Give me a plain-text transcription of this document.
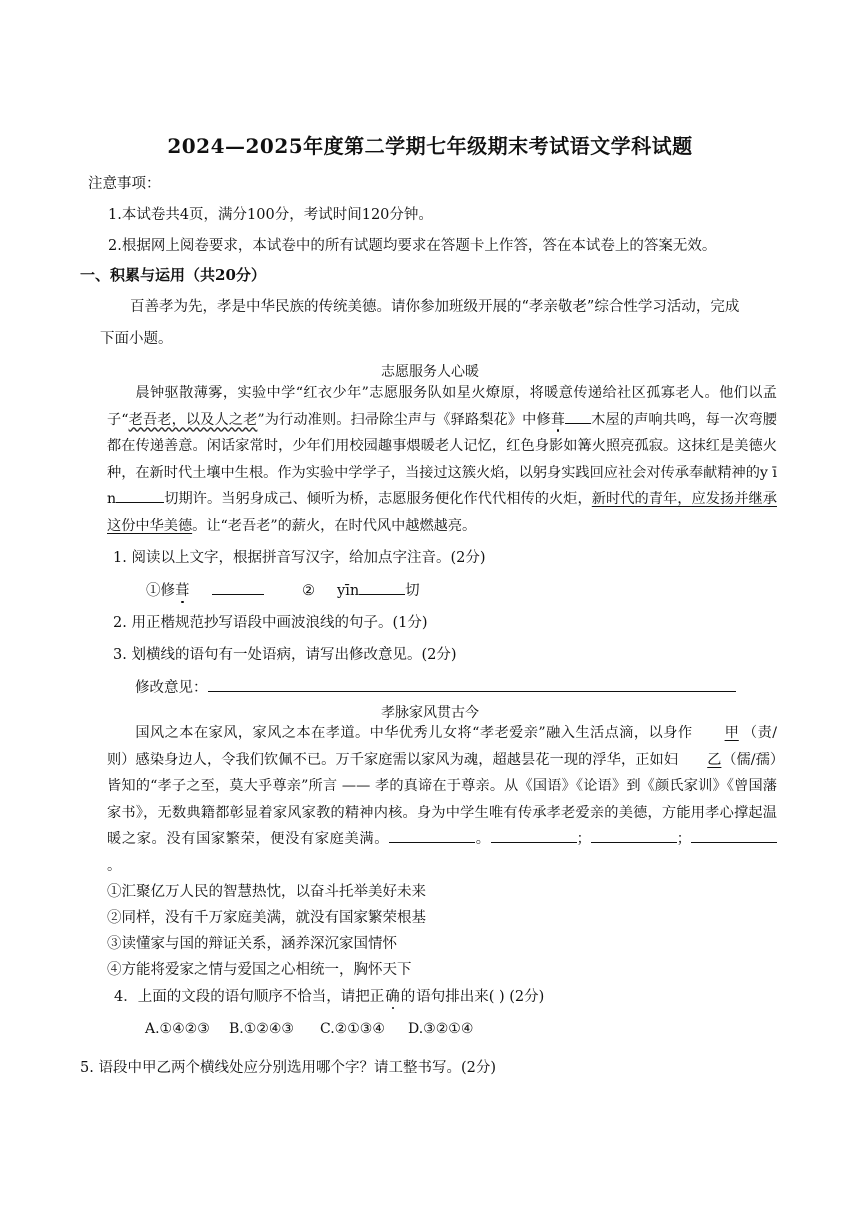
2024—2025年度第二学期七年级期末考试语文学科试题
注意事项：
1.本试卷共4页，满分100分，考试时间120分钟。
2.根据网上阅卷要求，本试卷中的所有试题均要求在答题卡上作答，答在本试卷上的答案无效。
一、积累与运用（共20分）
百善孝为先，孝是中华民族的传统美德。请你参加班级开展的“孝亲敬老”综合性学习活动，完成
下面小题。
志愿服务人心暖
晨钟驱散薄雾，实验中学“红衣少年”志愿服务队如星火燎原，将暖意传递给社区孤寡老人。他们以孟子“老吾老，以及人之老”为行动准则。扫帚除尘声与《驿路梨花》中修葺 木屋的声响共鸣，每一次弯腰都在传递善意。闲话家常时，少年们用校园趣事煨暖老人记忆，红色身影如篝火照亮孤寂。这抹红是美德火种，在新时代土壤中生根。作为实验中学学子，当接过这簇火焰，以躬身实践回应社会对传承奉献精神的y ī n	切期许。当躬身成己、倾听为桥，志愿服务便化作代代相传的火炬，新时代的青年，应发扬并继承这份中华美德。让“老吾老”的薪火，在时代风中越燃越亮。
1. 阅读以上文字，根据拼音写汉字，给加点字注音。(2分)
①修葺	② yīn	切
2. 用正楷规范抄写语段中画波浪线的句子。(1分)
3. 划横线的语句有一处语病，请写出修改意见。(2分)
修改意见：
孝脉家风贯古今
国风之本在家风，家风之本在孝道。中华优秀儿女将“孝老爱亲”融入生活点滴，以身作 甲 （责/则）感染身边人，令我们钦佩不已。万千家庭需以家风为魂，超越昙花一现的浮华，正如妇 乙（儒/孺）皆知的“孝子之至，莫大乎尊亲”所言 —— 孝的真谛在于尊亲。从《国语》《论语》到《颜氏家训》《曾国藩家书》，无数典籍都彰显着家风家教的精神内核。身为中学生唯有传承孝老爱亲的美德，方能用孝心撑起温暖之家。没有国家繁荣，便没有家庭美满。	。	；	；。
①汇聚亿万人民的智慧热忱，以奋斗托举美好未来
②同样，没有千万家庭美满，就没有国家繁荣根基
③读懂家与国的辩证关系，涵养深沉家国情怀
④方能将爱家之情与爱国之心相统一，胸怀天下
4．上面的文段的语句顺序不恰当，请把正确的语句排出来( ) (2分)
A.①④②③ B.①②④③ C.②①③④ D.③②①④
5. 语段中甲乙两个横线处应分别选用哪个字？请工整书写。(2分)
